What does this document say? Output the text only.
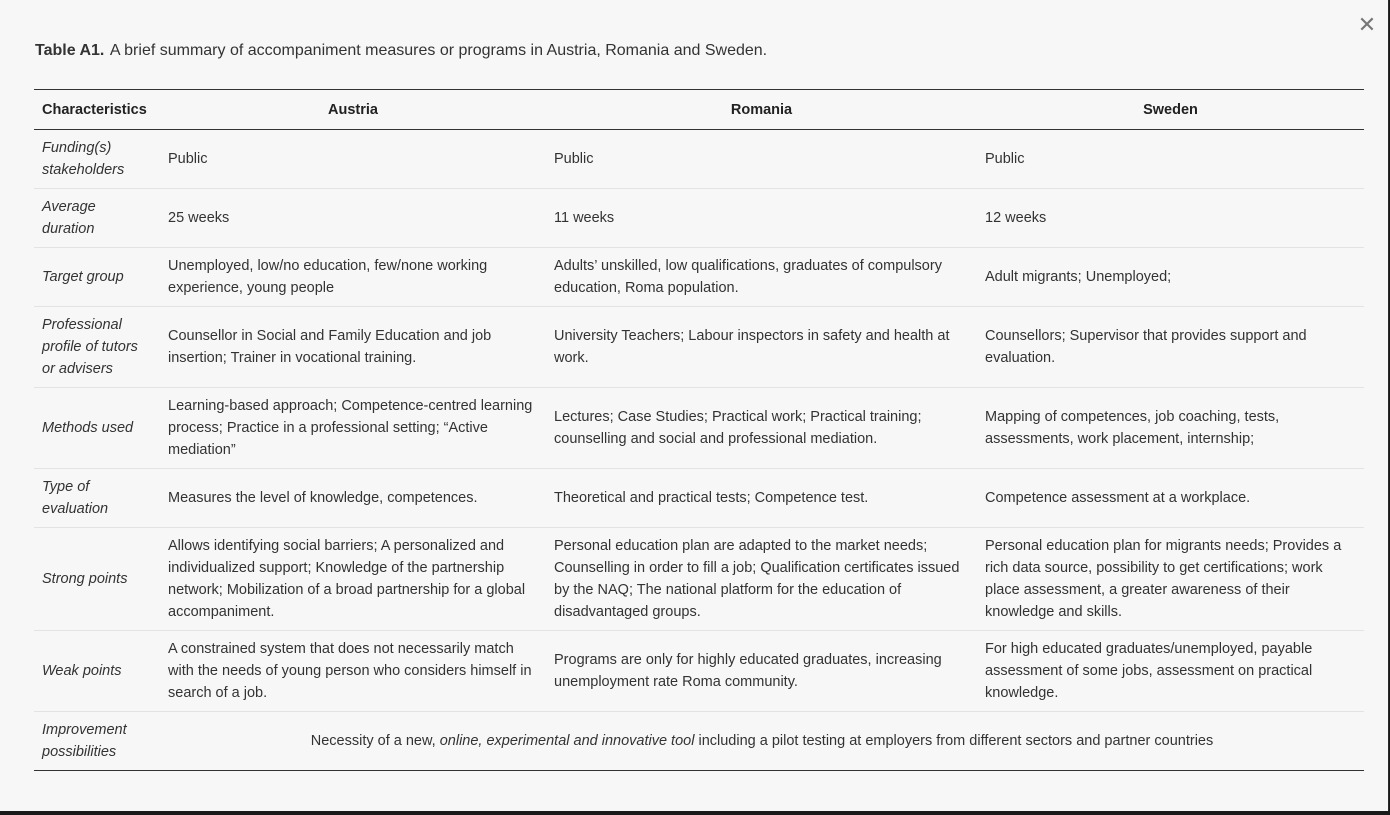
✕
Table A1. A brief summary of accompaniment measures or programs in Austria, Romania and Sweden.
Characteristics	Austria	Romania	Sweden
Funding(s) stakeholders	Public	Public	Public
Average duration	25 weeks	11 weeks	12 weeks
Target group	Unemployed, low/no education, few/none working experience, young people	Adults’ unskilled, low qualifications, graduates of compulsory education, Roma population.	Adult migrants; Unemployed;
Professional profile of tutors or advisers	Counsellor in Social and Family Education and job insertion; Trainer in vocational training.	University Teachers; Labour inspectors in safety and health at work.	Counsellors; Supervisor that provides support and evaluation.
Methods used	Learning-based approach; Competence-centred learning process; Practice in a professional setting; “Active mediation”	Lectures; Case Studies; Practical work; Practical training; counselling and social and professional mediation.	Mapping of competences, job coaching, tests, assessments, work placement, internship;
Type of evaluation	Measures the level of knowledge, competences.	Theoretical and practical tests; Competence test.	Competence assessment at a workplace.
Strong points	Allows identifying social barriers; A personalized and individualized support; Knowledge of the partnership network; Mobilization of a broad partnership for a global accompaniment.	Personal education plan are adapted to the market needs; Counselling in order to fill a job; Qualification certificates issued by the NAQ; The national platform for the education of disadvantaged groups.	Personal education plan for migrants needs; Provides a rich data source, possibility to get certifications; work place assessment, a greater awareness of their knowledge and skills.
Weak points	A constrained system that does not necessarily match with the needs of young person who considers himself in search of a job.	Programs are only for highly educated graduates, increasing unemployment rate Roma community.	For high educated graduates/unemployed, payable assessment of some jobs, assessment on practical knowledge.
Improvement possibilities	Necessity of a new, online, experimental and innovative tool including a pilot testing at employers from different sectors and partner countries		
